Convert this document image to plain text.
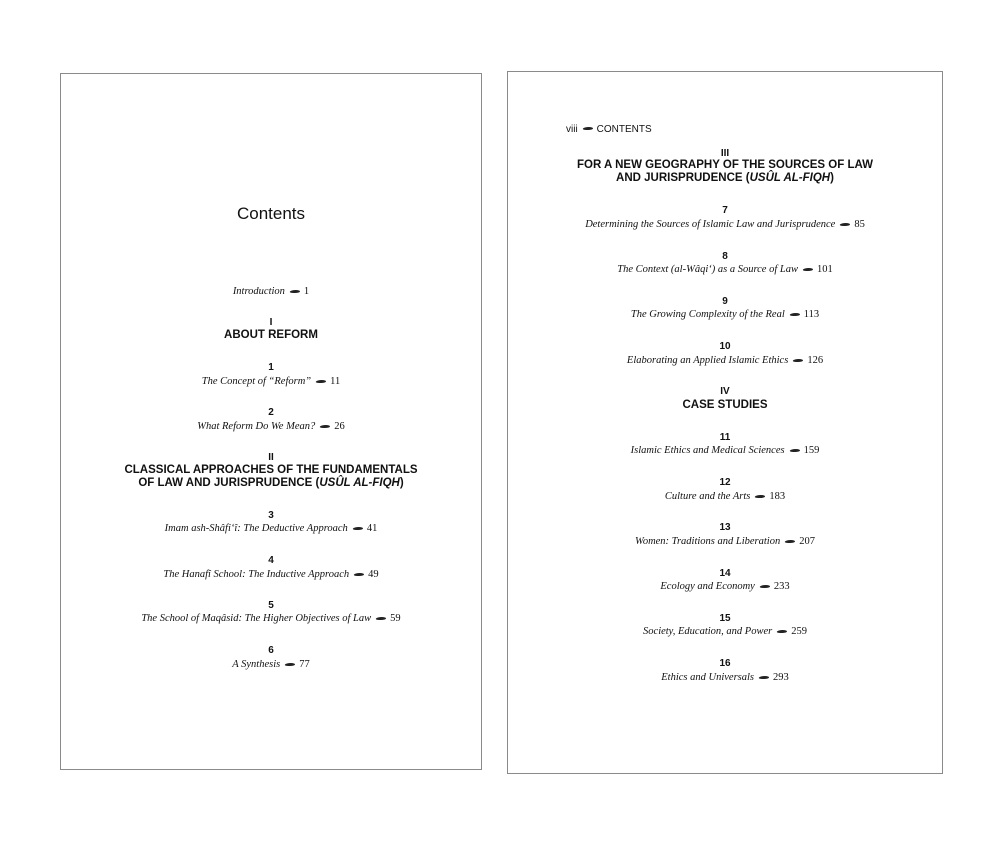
Contents
Introduction 1
I
ABOUT REFORM
1
The Concept of “Reform” 11
2
What Reform Do We Mean? 26
II
CLASSICAL APPROACHES OF THE FUNDAMENTALS
OF LAW AND JURISPRUDENCE (USÛL AL-FIQH)
3
Imam ash-Shâfi‘î: The Deductive Approach 41
4
The Hanafî School: The Inductive Approach 49
5
The School of Maqâsid: The Higher Objectives of Law 59
6
A Synthesis 77
viii CONTENTS
III
FOR A NEW GEOGRAPHY OF THE SOURCES OF LAW
AND JURISPRUDENCE (USÛL AL-FIQH)
7
Determining the Sources of Islamic Law and Jurisprudence 85
8
The Context (al-Wâqi‘) as a Source of Law 101
9
The Growing Complexity of the Real 113
10
Elaborating an Applied Islamic Ethics 126
IV
CASE STUDIES
11
Islamic Ethics and Medical Sciences 159
12
Culture and the Arts 183
13
Women: Traditions and Liberation 207
14
Ecology and Economy 233
15
Society, Education, and Power 259
16
Ethics and Universals 293
